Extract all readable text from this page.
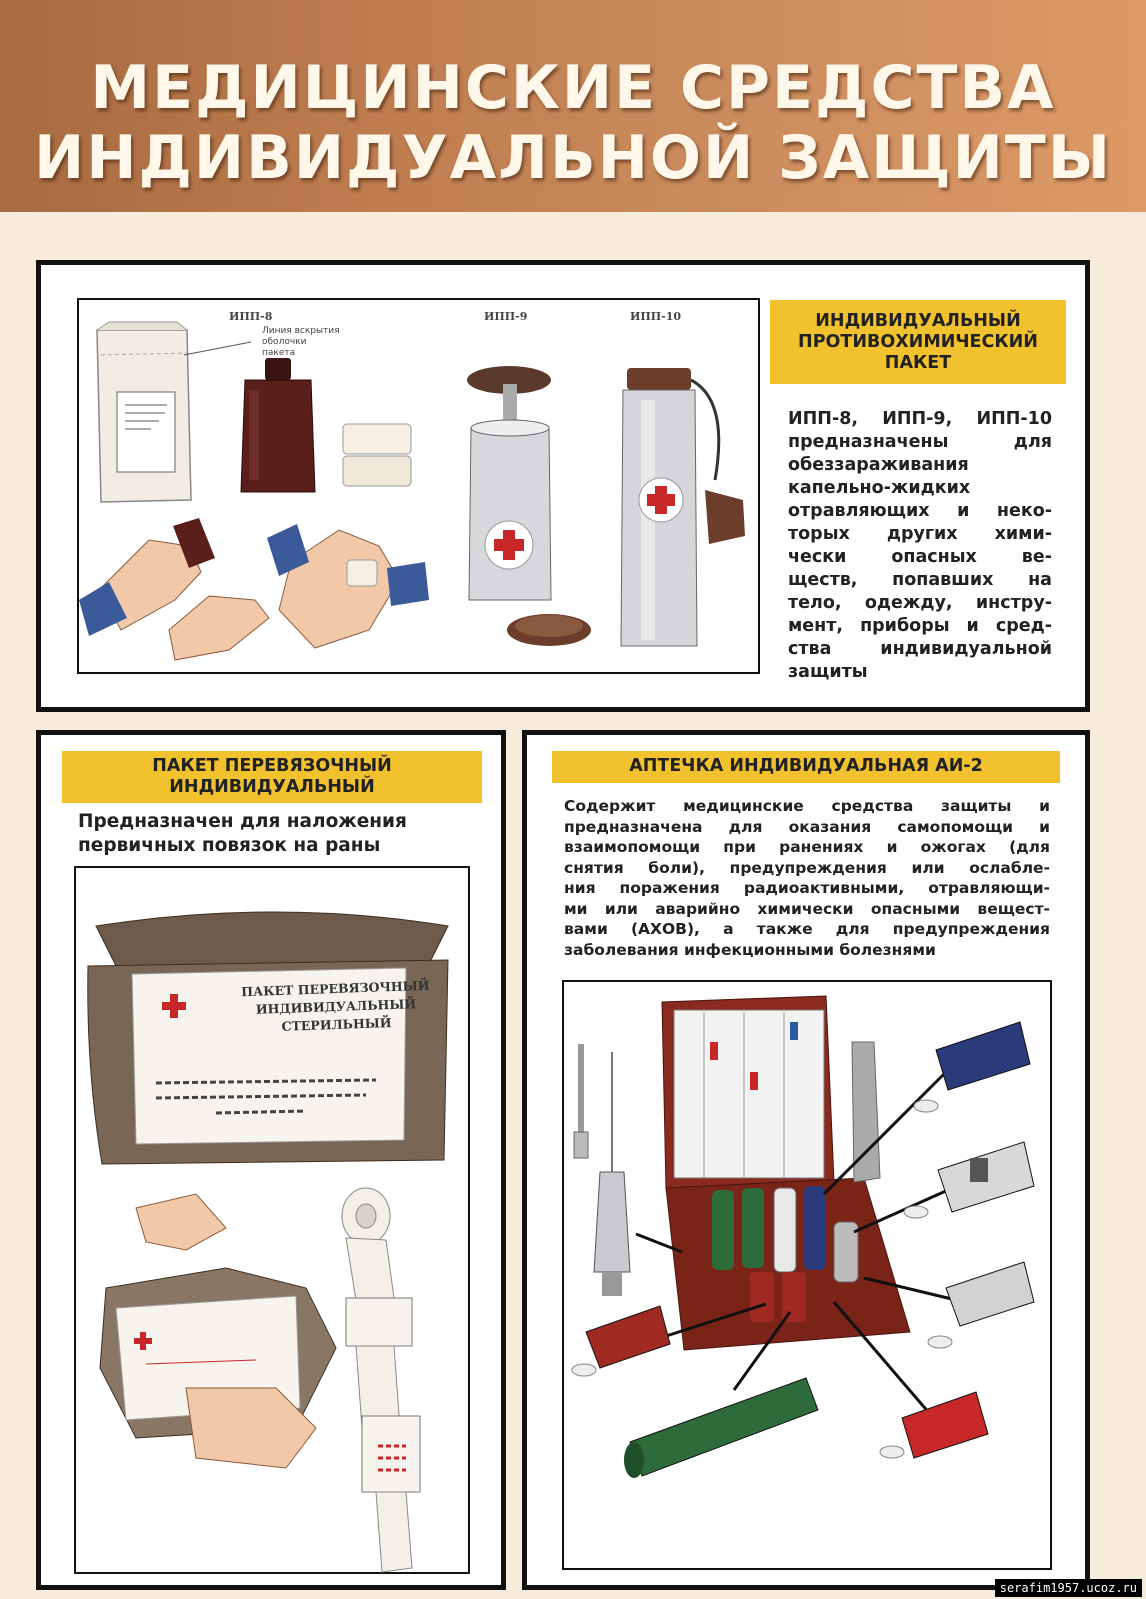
МЕДИЦИНСКИЕ СРЕДСТВА
ИНДИВИДУАЛЬНОЙ ЗАЩИТЫ
ИПП-8	ИПП-9	ИПП-10
Линия вскрытия
оболочки
пакета
ИНДИВИДУАЛЬНЫЙ
ПРОТИВОХИМИЧЕСКИЙ
ПАКЕТ
ИПП-8, ИПП-9, ИПП-10
предназначены для
обеззараживания
капельно-жидких
отравляющих и неко-
торых других хими-
чески опасных ве-
ществ, попавших на
тело, одежду, инстру-
мент, приборы и сред-
ства индивидуальной
защиты
ПАКЕТ ПЕРЕВЯЗОЧНЫЙ
ИНДИВИДУАЛЬНЫЙ
Предназначен для наложения
первичных повязок на раны
ПАКЕТ ПЕРЕВЯЗОЧНЫЙ
ИНДИВИДУАЛЬНЫЙ
СТЕРИЛЬНЫЙ
АПТЕЧКА ИНДИВИДУАЛЬНАЯ АИ-2
Содержит медицинские средства защиты и
предназначена для оказания самопомощи и
взаимопомощи при ранениях и ожогах (для
снятия боли), предупреждения или ослабле-
ния поражения радиоактивными, отравляющи-
ми или аварийно химически опасными вещест-
вами (АХОВ), а также для предупреждения
заболевания инфекционными болезнями
serafim1957.ucoz.ru
